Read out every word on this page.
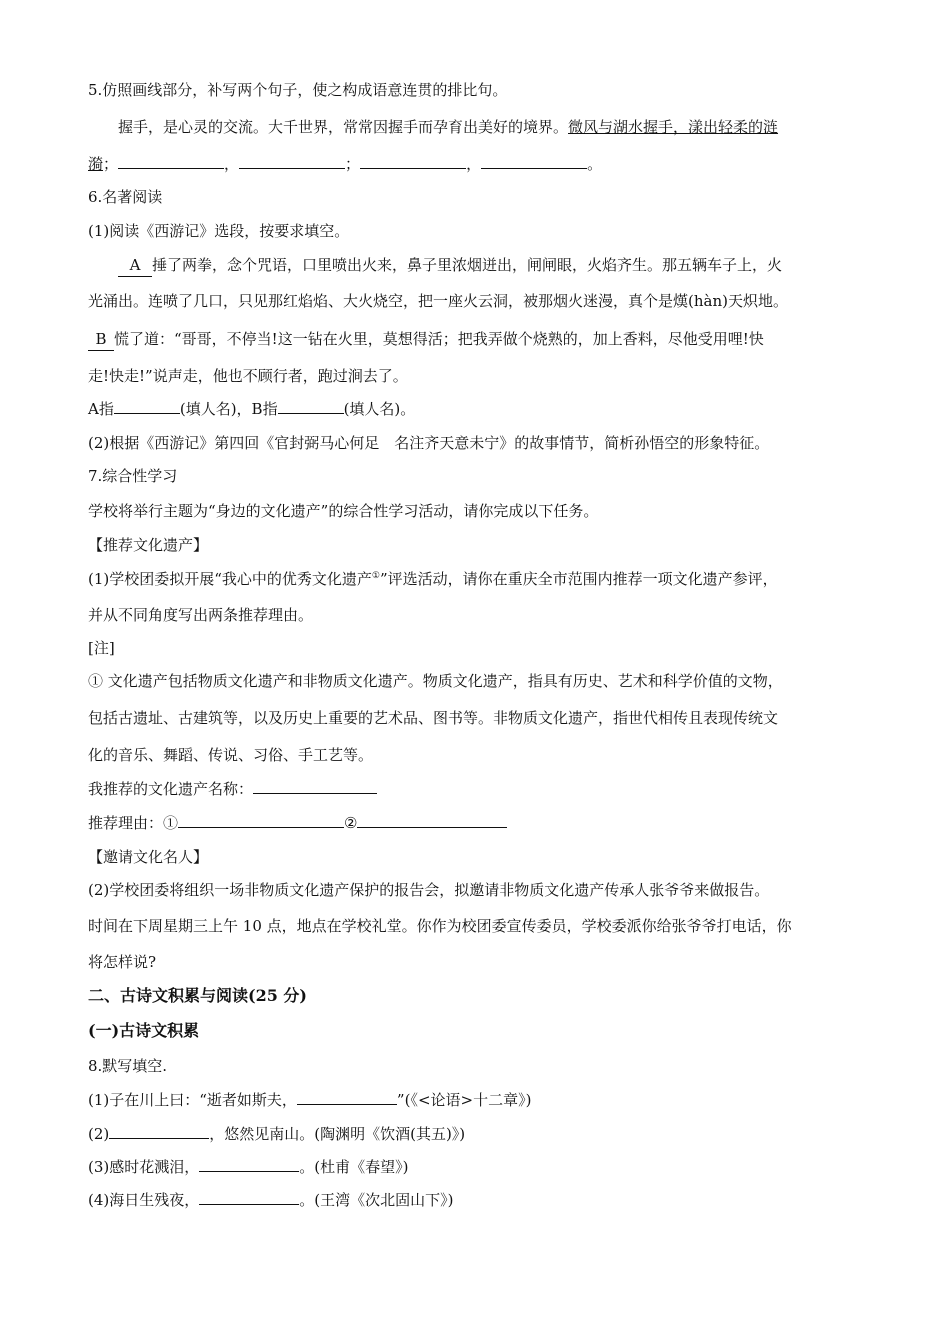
5.仿照画线部分，补写两个句子，使之构成语意连贯的排比句。
握手，是心灵的交流。大千世界，常常因握手而孕育出美好的境界。微风与湖水握手，漾出轻柔的涟
漪；	，	；	，	。
6.名著阅读
(1)阅读《西游记》选段，按要求填空。
A 捶了两拳，念个咒语，口里喷出火来，鼻子里浓烟迸出，闸闸眼，火焰齐生。那五辆车子上，火
光涌出。连喷了几口，只见那红焰焰、大火烧空，把一座火云洞，被那烟火迷漫，真个是熯(hàn)天炽地。
B 慌了道：“哥哥，不停当!这一钻在火里，莫想得活；把我弄做个烧熟的，加上香料，尽他受用哩!快
走!快走!”说声走，他也不顾行者，跑过涧去了。
A指	(填人名)，B指	(填人名)。
(2)根据《西游记》第四回《官封弼马心何足　名注齐天意未宁》的故事情节，简析孙悟空的形象特征。
7.综合性学习
学校将举行主题为“身边的文化遗产”的综合性学习活动，请你完成以下任务。
【推荐文化遗产】
(1)学校团委拟开展“我心中的优秀文化遗产①”评选活动，请你在重庆全市范围内推荐一项文化遗产参评，
并从不同角度写出两条推荐理由。
[注]
① 文化遗产包括物质文化遗产和非物质文化遗产。物质文化遗产，指具有历史、艺术和科学价值的文物，
包括古遗址、古建筑等，以及历史上重要的艺术品、图书等。非物质文化遗产，指世代相传且表现传统文
化的音乐、舞蹈、传说、习俗、手工艺等。
我推荐的文化遗产名称：
推荐理由：①	②
【邀请文化名人】
(2)学校团委将组织一场非物质文化遗产保护的报告会，拟邀请非物质文化遗产传承人张爷爷来做报告。
时间在下周星期三上午 10 点，地点在学校礼堂。你作为校团委宣传委员，学校委派你给张爷爷打电话，你
将怎样说?
二、古诗文积累与阅读(25 分)
(一)古诗文积累
8.默写填空.
(1)子在川上曰：“逝者如斯夫，	”(《<论语>十二章》)
(2)	，悠然见南山。(陶渊明《饮酒(其五)》)
(3)感时花溅泪，	。(杜甫《春望》)
(4)海日生残夜，	。(王湾《次北固山下》)
